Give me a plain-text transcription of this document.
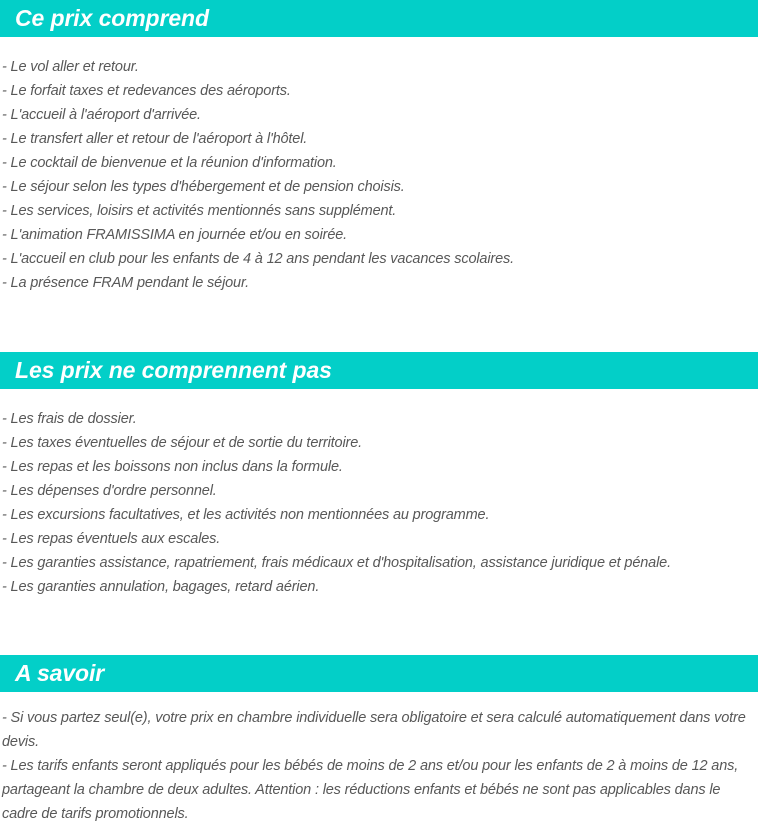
Ce prix comprend
- Le vol aller et retour.
- Le forfait taxes et redevances des aéroports.
- L'accueil à l'aéroport d'arrivée.
- Le transfert aller et retour de l'aéroport à l'hôtel.
- Le cocktail de bienvenue et la réunion d'information.
- Le séjour selon les types d'hébergement et de pension choisis.
- Les services, loisirs et activités mentionnés sans supplément.
- L'animation FRAMISSIMA en journée et/ou en soirée.
- L'accueil en club pour les enfants de 4 à 12 ans pendant les vacances scolaires.
- La présence FRAM pendant le séjour.
Les prix ne comprennent pas
- Les frais de dossier.
- Les taxes éventuelles de séjour et de sortie du territoire.
- Les repas et les boissons non inclus dans la formule.
- Les dépenses d'ordre personnel.
- Les excursions facultatives, et les activités non mentionnées au programme.
- Les repas éventuels aux escales.
- Les garanties assistance, rapatriement, frais médicaux et d'hospitalisation, assistance juridique et pénale.
- Les garanties annulation, bagages, retard aérien.
A savoir
- Si vous partez seul(e), votre prix en chambre individuelle sera obligatoire et sera calculé automatiquement dans votre devis.
- Les tarifs enfants seront appliqués pour les bébés de moins de 2 ans et/ou pour les enfants de 2 à moins de 12 ans, partageant la chambre de deux adultes. Attention : les réductions enfants et bébés ne sont pas applicables dans le cadre de tarifs promotionnels.
